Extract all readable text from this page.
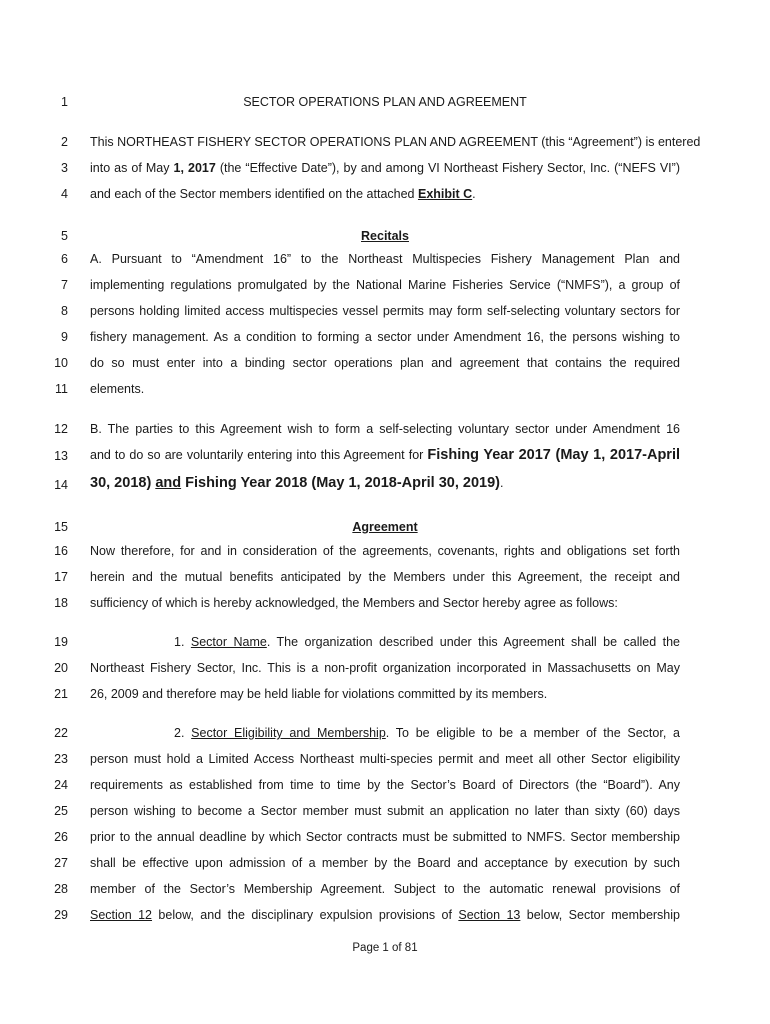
1	SECTOR OPERATIONS PLAN AND AGREEMENT
2 This NORTHEAST FISHERY SECTOR OPERATIONS PLAN AND AGREEMENT (this “Agreement”) is entered
3 into as of May 1, 2017 (the “Effective Date”), by and among VI Northeast Fishery Sector, Inc. (“NEFS VI”)
4 and each of the Sector members identified on the attached Exhibit C.
5	Recitals
6 A. Pursuant to “Amendment 16” to the Northeast Multispecies Fishery Management Plan and
7 implementing regulations promulgated by the National Marine Fisheries Service (“NMFS”), a group of
8 persons holding limited access multispecies vessel permits may form self-selecting voluntary sectors for
9 fishery management. As a condition to forming a sector under Amendment 16, the persons wishing to
10 do so must enter into a binding sector operations plan and agreement that contains the required
11 elements.
12 B. The parties to this Agreement wish to form a self-selecting voluntary sector under Amendment 16
13 and to do so are voluntarily entering into this Agreement for Fishing Year 2017 (May 1, 2017-April
14 30, 2018) and Fishing Year 2018 (May 1, 2018-April 30, 2019).
15	Agreement
16 Now therefore, for and in consideration of the agreements, covenants, rights and obligations set forth
17 herein and the mutual benefits anticipated by the Members under this Agreement, the receipt and
18 sufficiency of which is hereby acknowledged, the Members and Sector hereby agree as follows:
19	1. Sector Name. The organization described under this Agreement shall be called the
20 Northeast Fishery Sector, Inc. This is a non-profit organization incorporated in Massachusetts on May
21 26, 2009 and therefore may be held liable for violations committed by its members.
22	2. Sector Eligibility and Membership. To be eligible to be a member of the Sector, a
23 person must hold a Limited Access Northeast multi-species permit and meet all other Sector eligibility
24 requirements as established from time to time by the Sector’s Board of Directors (the “Board”). Any
25 person wishing to become a Sector member must submit an application no later than sixty (60) days
26 prior to the annual deadline by which Sector contracts must be submitted to NMFS. Sector membership
27 shall be effective upon admission of a member by the Board and acceptance by execution by such
28 member of the Sector’s Membership Agreement. Subject to the automatic renewal provisions of
29 Section 12 below, and the disciplinary expulsion provisions of Section 13 below, Sector membership
Page 1 of 81
